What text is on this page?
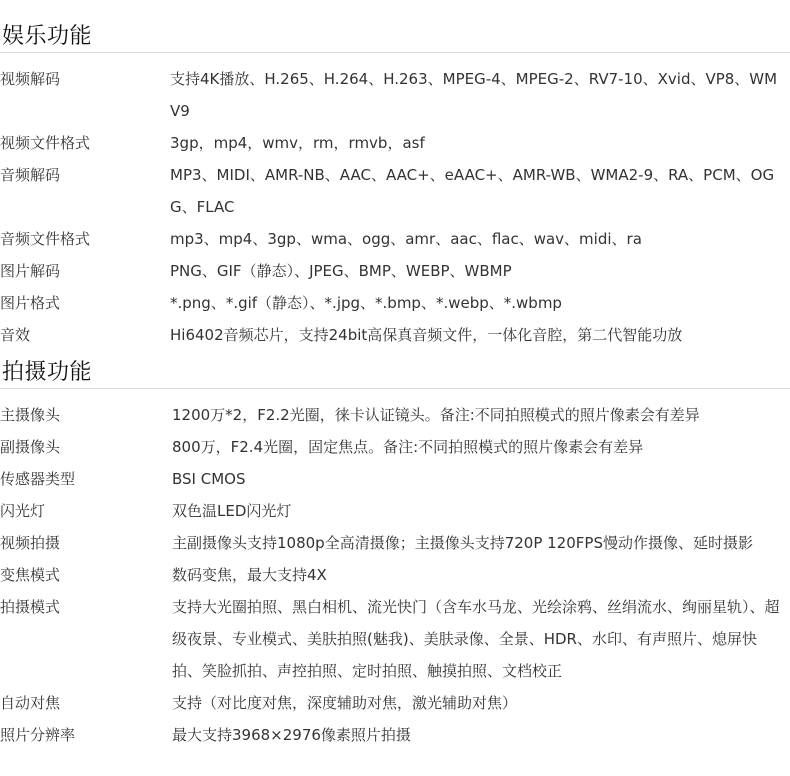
娱乐功能
视频解码	支持4K播放、H.265、H.264、H.263、MPEG-4、MPEG-2、RV7-10、Xvid、VP8、WMV9
视频文件格式	3gp，mp4，wmv，rm，rmvb，asf
音频解码	MP3、MIDI、AMR-NB、AAC、AAC+、eAAC+、AMR-WB、WMA2-9、RA、PCM、OGG、FLAC
音频文件格式	mp3、mp4、3gp、wma、ogg、amr、aac、flac、wav、midi、ra
图片解码	PNG、GIF（静态）、JPEG、BMP、WEBP、WBMP
图片格式	*.png、*.gif（静态）、*.jpg、*.bmp、*.webp、*.wbmp
音效	Hi6402音频芯片，支持24bit高保真音频文件，一体化音腔，第二代智能功放
拍摄功能
主摄像头	1200万*2，F2.2光圈，徕卡认证镜头。备注:不同拍照模式的照片像素会有差异
副摄像头	800万，F2.4光圈，固定焦点。备注:不同拍照模式的照片像素会有差异
传感器类型	BSI CMOS
闪光灯	双色温LED闪光灯
视频拍摄	主副摄像头支持1080p全高清摄像；主摄像头支持720P 120FPS慢动作摄像、延时摄影
变焦模式	数码变焦，最大支持4X
拍摄模式	支持大光圈拍照、黑白相机、流光快门（含车水马龙、光绘涂鸦、丝绢流水、绚丽星轨）、超级夜景、专业模式、美肤拍照(魅我)、美肤录像、全景、HDR、水印、有声照片、熄屏快拍、笑脸抓拍、声控拍照、定时拍照、触摸拍照、文档校正
自动对焦	支持（对比度对焦，深度辅助对焦，激光辅助对焦）
照片分辨率	最大支持3968×2976像素照片拍摄
